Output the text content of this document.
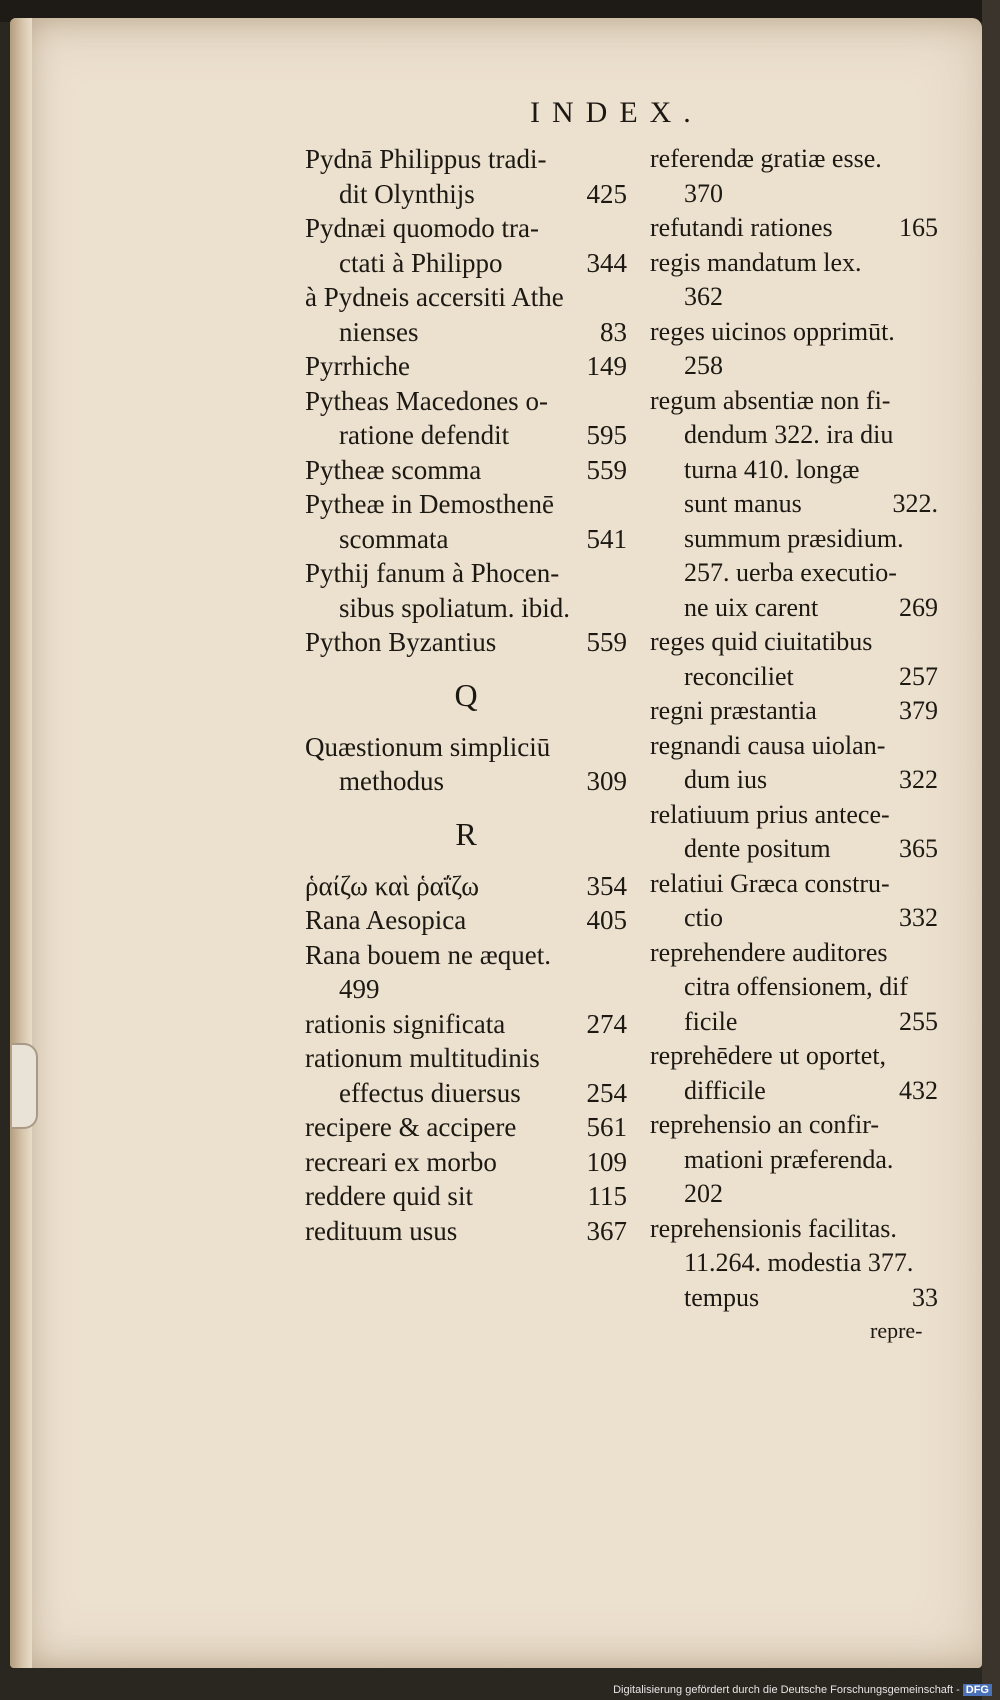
INDEX.
Pydnā Philippus tradi-
dit Olynthijs	425
Pydnæi quomodo tra-
ctati à Philippo	344
à Pydneis accersiti Athe
nienses	83
Pyrrhiche	149
Pytheas Macedones o-
ratione defendit	595
Pytheæ scomma	559
Pytheæ in Demosthenē
scommata	541
Pythij fanum à Phocen-
sibus spoliatum. ibid.
Python Byzantius	559
Q
Quæstionum simpliciū
methodus	309
R
ῥαίζω καὶ ῥαΐζω	354
Rana Aesopica	405
Rana bouem ne æquet.
499
rationis significata	274
rationum multitudinis
effectus diuersus 254
recipere & accipere	561
recreari ex morbo	109
reddere quid sit	115
redituum usus	367
referendæ gratiæ esse.
370
refutandi rationes	165
regis mandatum lex.
362
reges uicinos opprimūt.
258
regum absentiæ non fi-
dendum 322. ira diu
turna 410. longæ
sunt manus	322.
summum præsidium.
257. uerba executio-
ne uix carent	269
reges quid ciuitatibus
reconciliet	257
regni præstantia	379
regnandi causa uiolan-
dum ius	322
relatiuum prius antece-
dente positum	365
relatiui Græca constru-
ctio	332
reprehendere auditores
citra offensionem, dif
ficile	255
reprehēdere ut oportet,
difficile	432
reprehensio an confir-
mationi præferenda.
202
reprehensionis facilitas.
11.264. modestia 377.
tempus	33
repre-
Digitalisierung gefördert durch die Deutsche Forschungsgemeinschaft - DFG
